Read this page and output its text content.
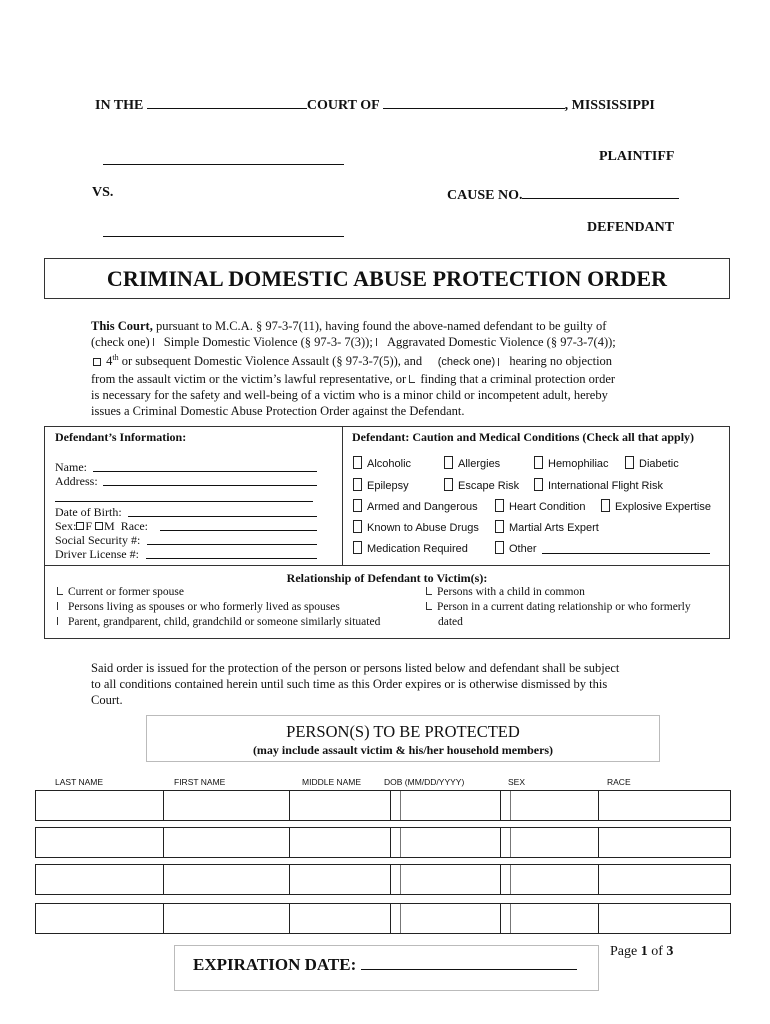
IN THE	COURT OF	, MISSISSIPPI
PLAINTIFF
VS.	CAUSE NO.
DEFENDANT
CRIMINAL DOMESTIC ABUSE PROTECTION ORDER
This Court, pursuant to M.C.A. § 97-3-7(11), having found the above-named defendant to be guilty of
(check one) Simple Domestic Violence (§ 97-3- 7(3)); Aggravated Domestic Violence (§ 97-3-7(4));
4th or subsequent Domestic Violence Assault (§ 97-3-7(5)), and (check one) hearing no objection
from the assault victim or the victim’s lawful representative, or finding that a criminal protection order
is necessary for the safety and well-being of a victim who is a minor child or incompetent adult, hereby
issues a Criminal Domestic Abuse Protection Order against the Defendant.
Defendant’s Information:
Name:
Address:
Date of Birth:
Sex: F M Race:
Social Security #:
Driver License #:
Defendant: Caution and Medical Conditions (Check all that apply)
Alcoholic	Allergies	Hemophiliac	Diabetic
Epilepsy	Escape Risk	International Flight Risk
Armed and Dangerous	Heart Condition	Explosive Expertise
Known to Abuse Drugs	Martial Arts Expert
Medication Required	Other
Relationship of Defendant to Victim(s):
Current or former spouse
Persons living as spouses or who formerly lived as spouses
Parent, grandparent, child, grandchild or someone similarly situated
Persons with a child in common
Person in a current dating relationship or who formerly
dated
Said order is issued for the protection of the person or persons listed below and defendant shall be subject
to all conditions contained herein until such time as this Order expires or is otherwise dismissed by this
Court.
PERSON(S) TO BE PROTECTED
(may include assault victim & his/her household members)
LAST NAME	FIRST NAME	MIDDLE NAME	DOB (MM/DD/YYYY)	SEX	RACE
EXPIRATION DATE:
Page 1 of 3
